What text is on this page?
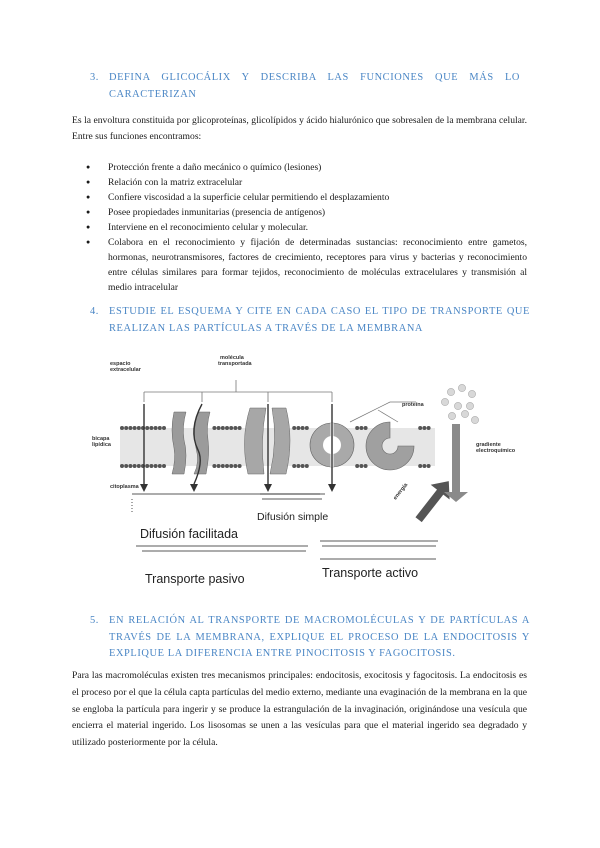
3. DEFINA GLICOCÁLIX Y DESCRIBA LAS FUNCIONES QUE MÁS LO CARACTERIZAN

Es la envoltura constituida por glicoproteínas, glicolípidos y ácido hialurónico que sobresalen de la membrana celular. Entre sus funciones encontramos:

● Protección frente a daño mecánico o químico (lesiones)
● Relación con la matriz extracelular
● Confiere viscosidad a la superficie celular permitiendo el desplazamiento
● Posee propiedades inmunitarias (presencia de antígenos)
● Interviene en el reconocimiento celular y molecular.
● Colabora en el reconocimiento y fijación de determinadas sustancias: reconocimiento entre gametos, hormonas, neurotransmisores, factores de crecimiento, receptores para virus y bacterias y reconocimiento entre células similares para formar tejidos, reconocimiento de moléculas extracelulares y transmisión al medio intracelular
4. ESTUDIE EL ESQUEMA Y CITE EN CADA CASO EL TIPO DE TRANSPORTE QUE REALIZAN LAS PARTÍCULAS A TRAVÉS DE LA MEMBRANA
espacio extracelular
molécula transportada
proteína
bicapa lipídica
citoplasma
gradiente electroquímico
energía
Difusión simple
Difusión facilitada
Transporte pasivo	Transporte activo
5. EN RELACIÓN AL TRANSPORTE DE MACROMOLÉCULAS Y DE PARTÍCULAS A TRAVÉS DE LA MEMBRANA, EXPLIQUE EL PROCESO DE LA ENDOCITOSIS Y EXPLIQUE LA DIFERENCIA ENTRE PINOCITOSIS Y FAGOCITOSIS.

Para las macromoléculas existen tres mecanismos principales: endocitosis, exocitosis y fagocitosis. La endocitosis es el proceso por el que la célula capta partículas del medio externo, mediante una evaginación de la membrana en la que se engloba la partícula para ingerir y se produce la estrangulación de la invaginación, originándose una vesícula que encierra el material ingerido. Los lisosomas se unen a las vesículas para que el material ingerido sea degradado y utilizado posteriormente por la célula.
